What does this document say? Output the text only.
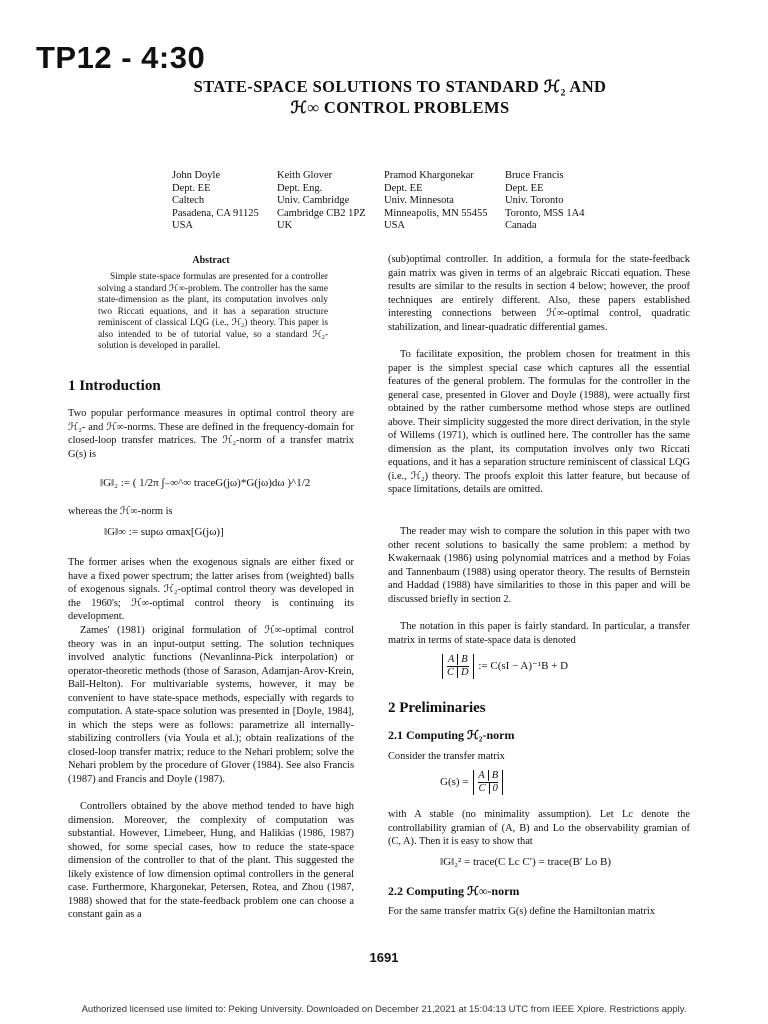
TP12 - 4:30
STATE-SPACE SOLUTIONS TO STANDARD ℋ₂ AND
ℋ∞ CONTROL PROBLEMS
John Doyle
Dept. EE
Caltech
Pasadena, CA 91125
USA
Keith Glover
Dept. Eng.
Univ. Cambridge
Cambridge CB2 1PZ
UK
Pramod Khargonekar
Dept. EE
Univ. Minnesota
Minneapolis, MN 55455
USA
Bruce Francis
Dept. EE
Univ. Toronto
Toronto, M5S 1A4
Canada
Abstract

Simple state-space formulas are presented for a controller solving a standard ℋ∞-problem. The controller has the same state-dimension as the plant, its computation involves only two Riccati equations, and it has a separation structure reminiscent of classical LQG (i.e., ℋ₂) theory. This paper is also intended to be of tutorial value, so a standard ℋ₂-solution is developed in parallel.

1 Introduction
Two popular performance measures in optimal control theory are ℋ₂- and ℋ∞-norms. These are defined in the frequency-domain for closed-loop transfer matrices. The ℋ₂-norm of a transfer matrix G(s) is
‖G‖₂ := ( 1/2π ∫₋∞^∞ traceG(jω)*G(jω)dω )^1/2
whereas the ℋ∞-norm is
‖G‖∞ := supω σmax[G(jω)]
The former arises when the exogenous signals are either fixed or have a fixed power spectrum; the latter arises from (weighted) balls of exogenous signals. ℋ₂-optimal control theory was developed in the 1960's; ℋ∞-optimal control theory is continuing its development.
Zames' (1981) original formulation of ℋ∞-optimal control theory was in an input-output setting. The solution techniques involved analytic functions (Nevanlinna-Pick interpolation) or operator-theoretic methods (those of Sarason, Adamjan-Arov-Krein, Ball-Helton). For multivariable systems, however, it may be convenient to have state-space methods, especially with regards to computation. A state-space solution was presented in [Doyle, 1984], in which the steps were as follows: parametrize all internally-stabilizing controllers (via Youla et al.); obtain realizations of the closed-loop transfer matrix; reduce to the Nehari problem; solve the Nehari problem by the procedure of Glover (1984). See also Francis (1987) and Francis and Doyle (1987).
Controllers obtained by the above method tended to have high dimension. Moreover, the complexity of computation was substantial. However, Limebeer, Hung, and Halikias (1986, 1987) showed, for some special cases, how to reduce the state-space dimension of the controller to that of the plant. This suggested the likely existence of low dimension optimal controllers in the general case. Furthermore, Khargonekar, Petersen, Rotea, and Zhou (1987, 1988) showed that for the state-feedback problem one can choose a constant gain as a
(sub)optimal controller. In addition, a formula for the state-feedback gain matrix was given in terms of an algebraic Riccati equation. These results are similar to the results in section 4 below; however, the proof techniques are entirely different. Also, these papers established interesting connections between ℋ∞-optimal control, quadratic stabilization, and linear-quadratic differential games.
To facilitate exposition, the problem chosen for treatment in this paper is the simplest special case which captures all the essential features of the general problem. The formulas for the controller in the general case, presented in Glover and Doyle (1988), were actually first obtained by the rather cumbersome method whose steps are outlined above. Their simplicity suggested the more direct derivation, in the style of Willems (1971), which is outlined here. The controller has the same dimension as the plant, its computation involves only two Riccati equations, and it has a separation structure reminiscent of classical LQG (i.e., ℋ₂) theory. The proofs exploit this latter feature, but because of space limitations, details are omitted.
The reader may wish to compare the solution in this paper with two other recent solutions to basically the same problem: a method by Kwakernaak (1986) using polynomial matrices and a method by Foias and Tannenbaum (1988) using operator theory. The results of Bernstein and Haddad (1988) have similarities to those in this paper and will be discussed briefly in section 2.
The notation in this paper is fairly standard. In particular, a transfer matrix in terms of state-space data is denoted
$\frac{\text{A B}}{\text{C D}}$ := C(sI − A)⁻¹B + D
2 Preliminaries
2.1 Computing ℋ₂-norm
Consider the transfer matrix
$G(s) = \frac{\text{A B}}{C 0}$
with A stable (no minimality assumption). Let Lc denote the controllability gramian of (A, B) and Lo the observability gramian of (C, A). Then it is easy to show that
‖G‖₂² = trace(C Lc C′) = trace(B′ Lo B)
2.2 Computing ℋ∞-norm
For the same transfer matrix G(s) define the Hamiltonian matrix
1691
Authorized licensed use limited to: Peking University. Downloaded on December 21,2021 at 15:04:13 UTC from IEEE Xplore. Restrictions apply.
